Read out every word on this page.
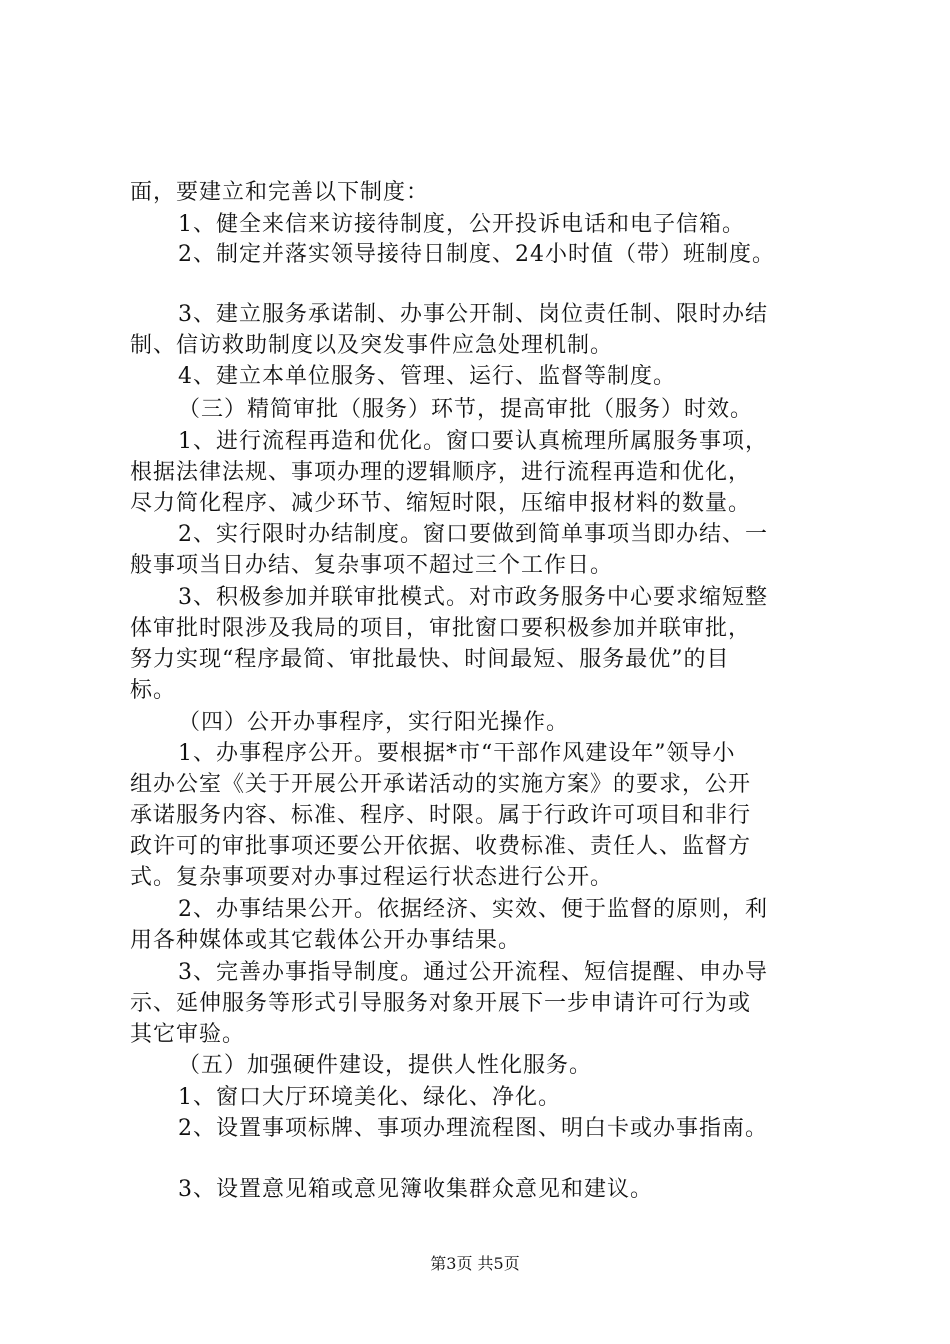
面，要建立和完善以下制度：
1、健全来信来访接待制度，公开投诉电话和电子信箱。
2、制定并落实领导接待日制度、24小时值（带）班制度。
3、建立服务承诺制、办事公开制、岗位责任制、限时办结
制、信访救助制度以及突发事件应急处理机制。
4、建立本单位服务、管理、运行、监督等制度。
（三）精简审批（服务）环节，提高审批（服务）时效。
1、进行流程再造和优化。窗口要认真梳理所属服务事项，
根据法律法规、事项办理的逻辑顺序，进行流程再造和优化，
尽力简化程序、减少环节、缩短时限，压缩申报材料的数量。
2、实行限时办结制度。窗口要做到简单事项当即办结、一
般事项当日办结、复杂事项不超过三个工作日。
3、积极参加并联审批模式。对市政务服务中心要求缩短整
体审批时限涉及我局的项目，审批窗口要积极参加并联审批，
努力实现“程序最简、审批最快、时间最短、服务最优”的目
标。
（四）公开办事程序，实行阳光操作。
1、办事程序公开。要根据*市“干部作风建设年”领导小
组办公室《关于开展公开承诺活动的实施方案》的要求，公开
承诺服务内容、标准、程序、时限。属于行政许可项目和非行
政许可的审批事项还要公开依据、收费标准、责任人、监督方
式。复杂事项要对办事过程运行状态进行公开。
2、办事结果公开。依据经济、实效、便于监督的原则，利
用各种媒体或其它载体公开办事结果。
3、完善办事指导制度。通过公开流程、短信提醒、申办导
示、延伸服务等形式引导服务对象开展下一步申请许可行为或
其它审验。
（五）加强硬件建设，提供人性化服务。
1、窗口大厅环境美化、绿化、净化。
2、设置事项标牌、事项办理流程图、明白卡或办事指南。
3、设置意见箱或意见簿收集群众意见和建议。
第3页 共5页
